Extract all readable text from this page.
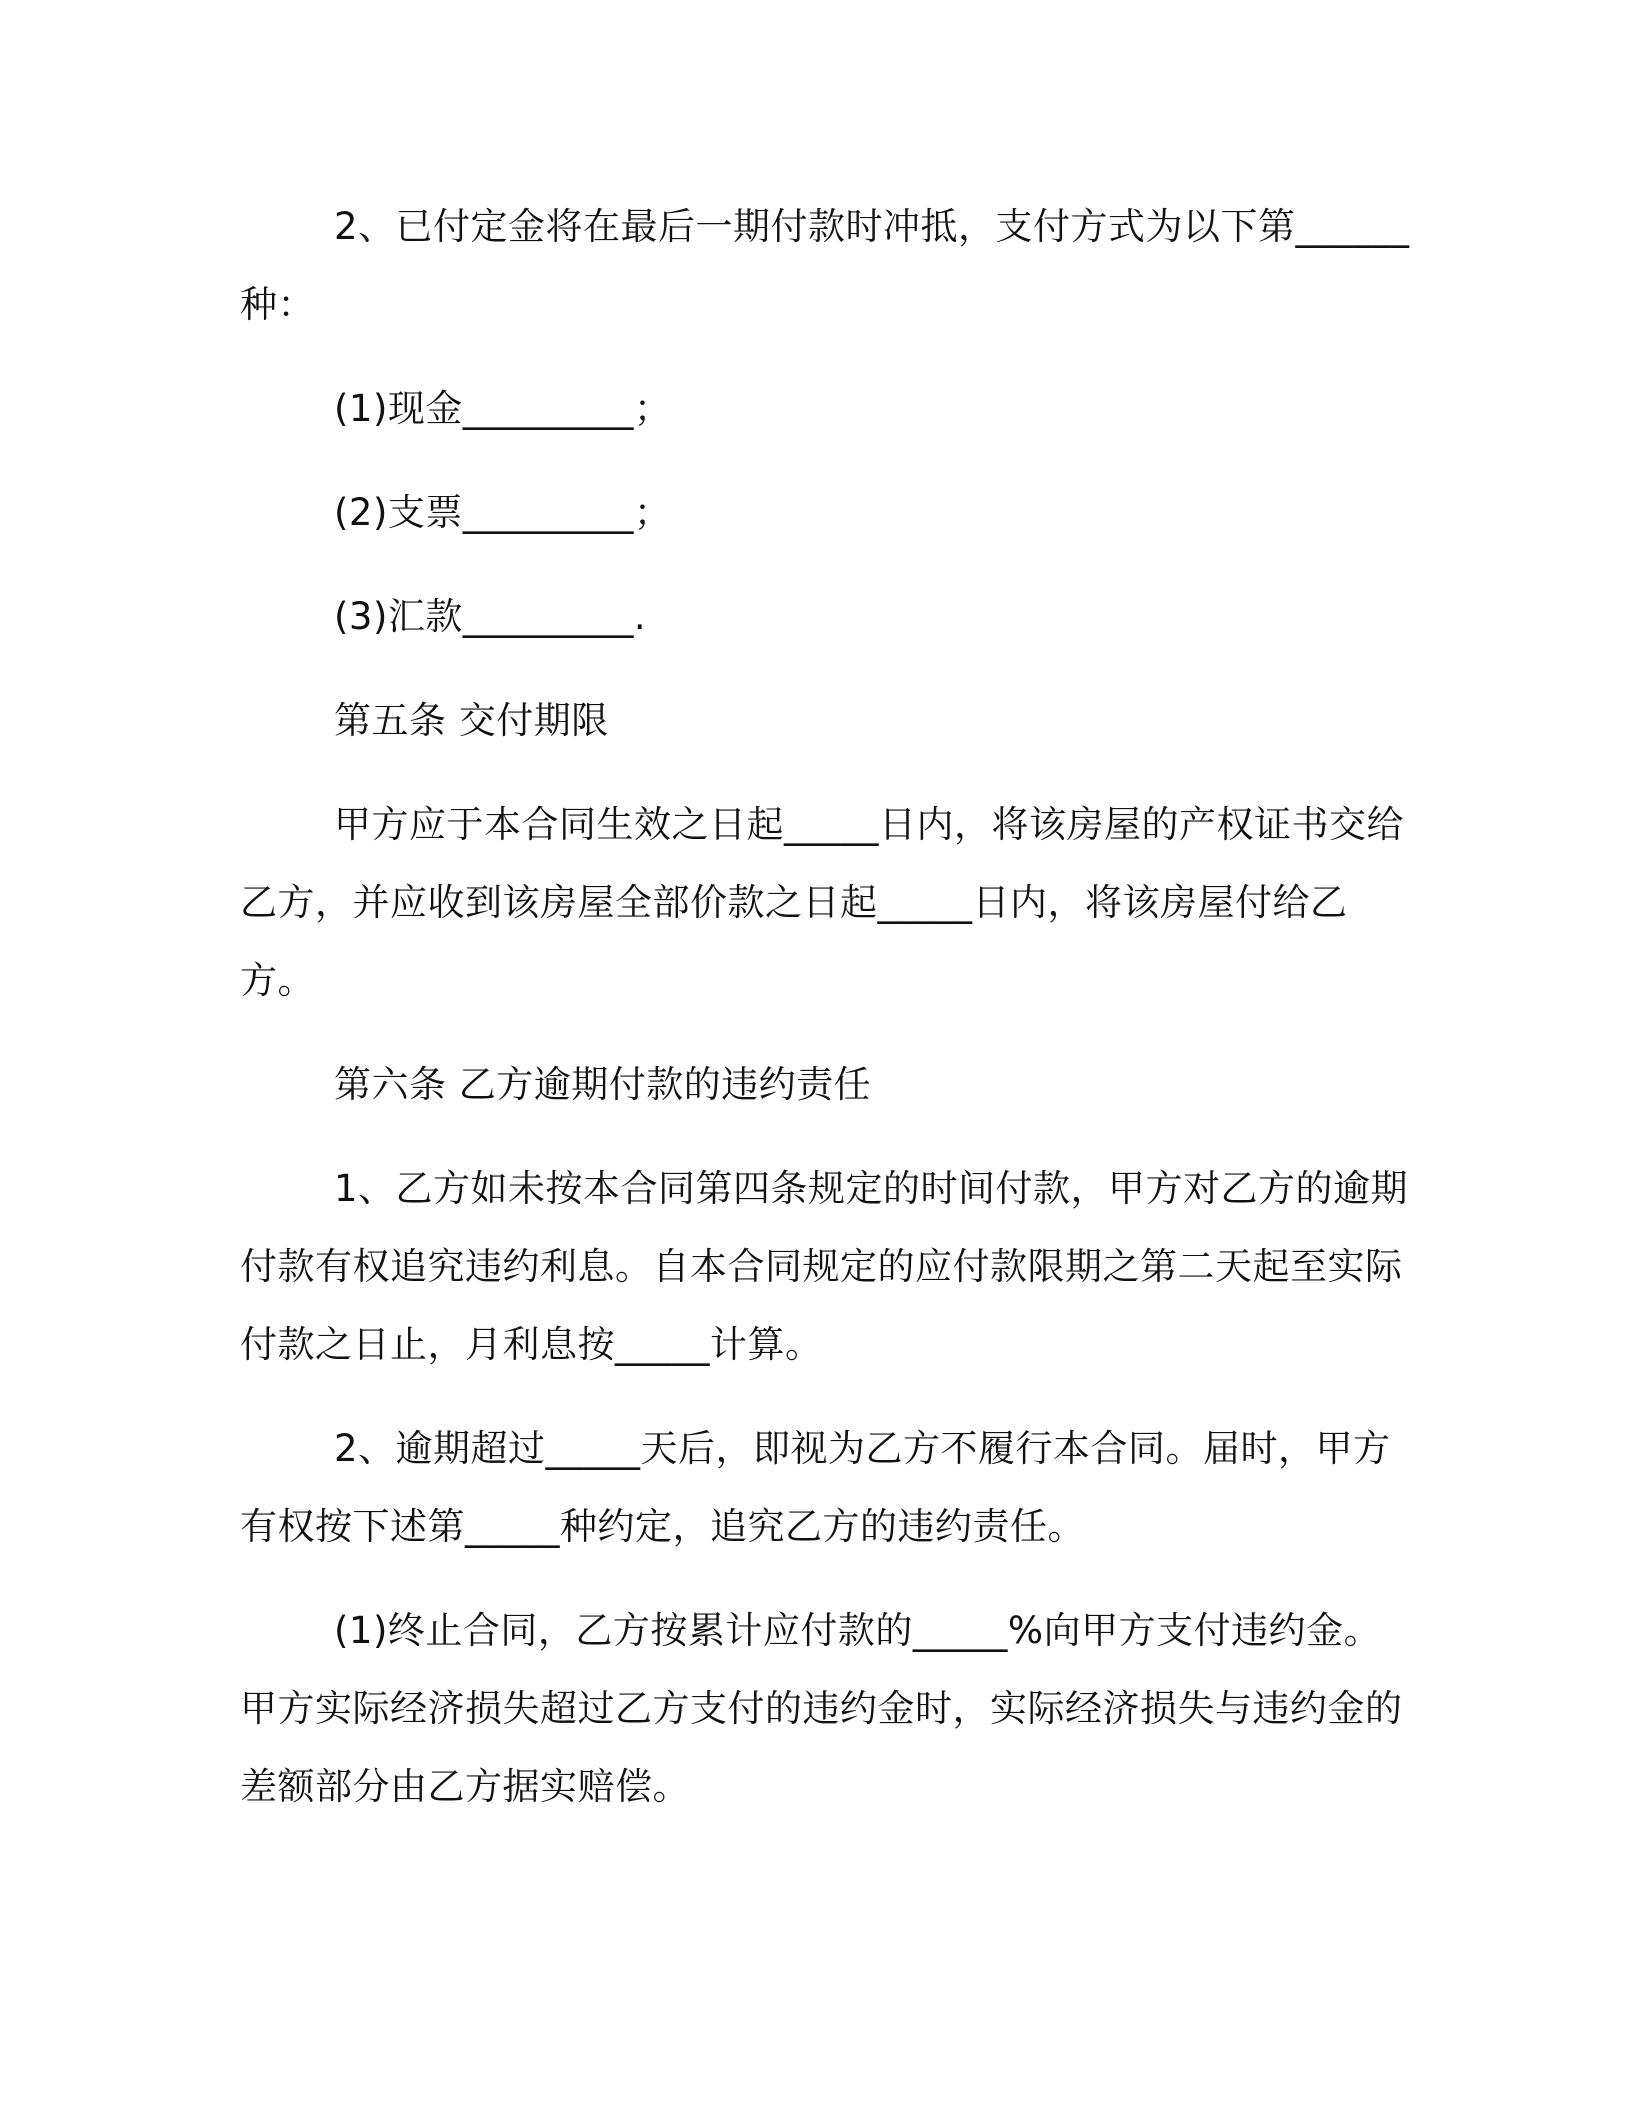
2、已付定金将在最后一期付款时冲抵，支付方式为以下第______种：

(1)现金_________；

(2)支票_________；

(3)汇款_________.

第五条 交付期限

甲方应于本合同生效之日起_____日内，将该房屋的产权证书交给乙方，并应收到该房屋全部价款之日起_____日内，将该房屋付给乙方。

第六条 乙方逾期付款的违约责任

1、乙方如未按本合同第四条规定的时间付款，甲方对乙方的逾期付款有权追究违约利息。自本合同规定的应付款限期之第二天起至实际付款之日止，月利息按_____计算。

2、逾期超过_____天后，即视为乙方不履行本合同。届时，甲方有权按下述第_____种约定，追究乙方的违约责任。

(1)终止合同，乙方按累计应付款的_____%向甲方支付违约金。甲方实际经济损失超过乙方支付的违约金时，实际经济损失与违约金的差额部分由乙方据实赔偿。
